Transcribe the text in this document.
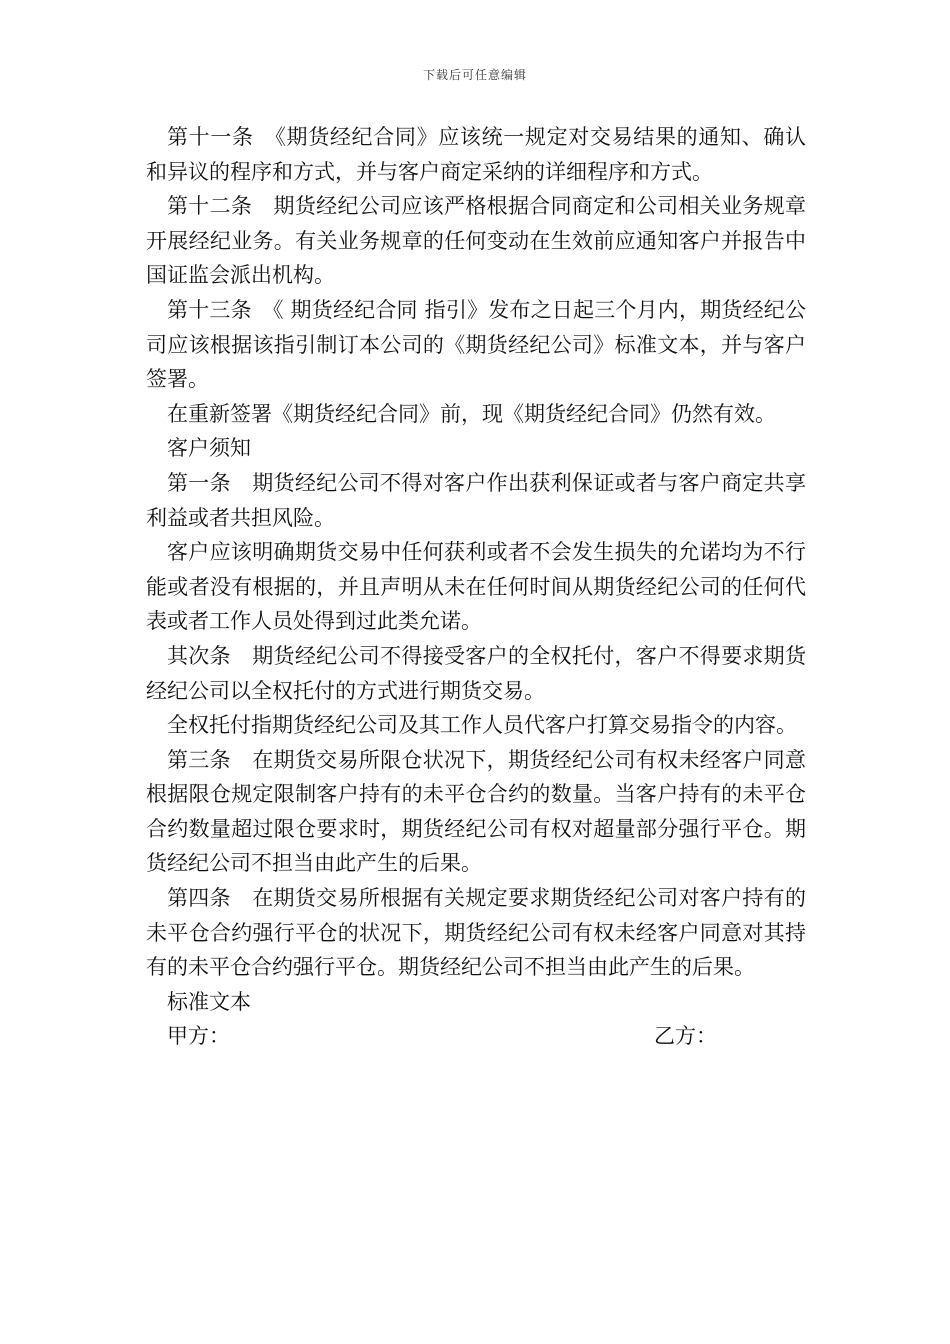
下载后可任意编辑

第十一条　《期货经纪合同》应该统一规定对交易结果的通知、确认和异议的程序和方式，并与客户商定采纳的详细程序和方式。

第十二条　期货经纪公司应该严格根据合同商定和公司相关业务规章开展经纪业务。有关业务规章的任何变动在生效前应通知客户并报告中国证监会派出机构。

第十三条　《 期货经纪合同 指引》发布之日起三个月内，期货经纪公司应该根据该指引制订本公司的《期货经纪公司》标准文本，并与客户签署。

在重新签署《期货经纪合同》前，现《期货经纪合同》仍然有效。

客户须知

第一条　期货经纪公司不得对客户作出获利保证或者与客户商定共享利益或者共担风险。

客户应该明确期货交易中任何获利或者不会发生损失的允诺均为不行能或者没有根据的，并且声明从未在任何时间从期货经纪公司的任何代表或者工作人员处得到过此类允诺。

其次条　期货经纪公司不得接受客户的全权托付，客户不得要求期货经纪公司以全权托付的方式进行期货交易。

全权托付指期货经纪公司及其工作人员代客户打算交易指令的内容。

第三条　在期货交易所限仓状况下，期货经纪公司有权未经客户同意根据限仓规定限制客户持有的未平仓合约的数量。当客户持有的未平仓合约数量超过限仓要求时，期货经纪公司有权对超量部分强行平仓。期货经纪公司不担当由此产生的后果。

第四条　在期货交易所根据有关规定要求期货经纪公司对客户持有的未平仓合约强行平仓的状况下，期货经纪公司有权未经客户同意对其持有的未平仓合约强行平仓。期货经纪公司不担当由此产生的后果。

标准文本

甲方：	乙方：
